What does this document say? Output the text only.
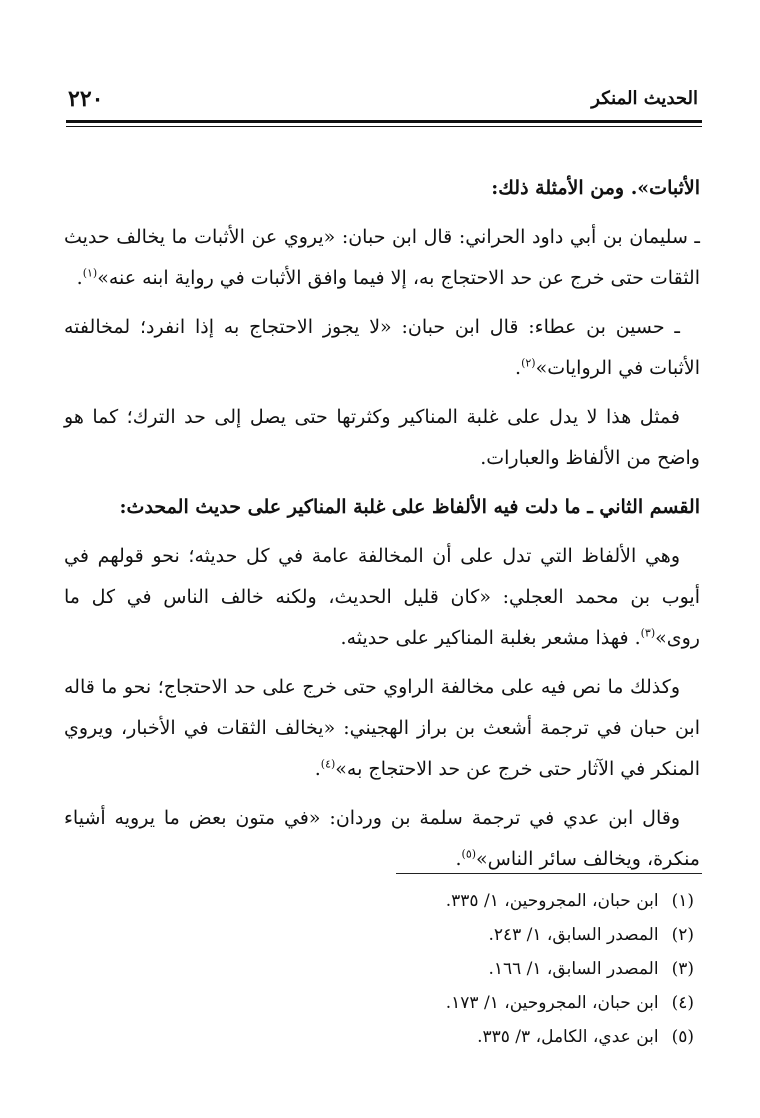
الحديث المنكر
٢٢٠

الأثبات». ومن الأمثلة ذلك:

ـ سليمان بن أبي داود الحراني: قال ابن حبان: «يروي عن الأثبات ما يخالف حديث الثقات حتى خرج عن حد الاحتجاج به، إلا فيما وافق الأثبات في رواية ابنه عنه»$^{(١)}$.

ـ حسين بن عطاء: قال ابن حبان: «لا يجوز الاحتجاج به إذا انفرد؛ لمخالفته الأثبات في الروايات»$^{(٢)}$.

فمثل هذا لا يدل على غلبة المناكير وكثرتها حتى يصل إلى حد الترك؛ كما هو واضح من الألفاظ والعبارات.

القسم الثاني ـ ما دلت فيه الألفاظ على غلبة المناكير على حديث المحدث:

وهي الألفاظ التي تدل على أن المخالفة عامة في كل حديثه؛ نحو قولهم في أيوب بن محمد العجلي: «كان قليل الحديث، ولكنه خالف الناس في كل ما روى»$^{(٣)}$. فهذا مشعر بغلبة المناكير على حديثه.

وكذلك ما نص فيه على مخالفة الراوي حتى خرج على حد الاحتجاج؛ نحو ما قاله ابن حبان في ترجمة أشعث بن براز الهجيني: «يخالف الثقات في الأخبار، ويروي المنكر في الآثار حتى خرج عن حد الاحتجاج به»$^{(٤)}$.

وقال ابن عدي في ترجمة سلمة بن وردان: «في متون بعض ما يرويه أشياء منكرة، ويخالف سائر الناس»$^{(٥)}$.

(١) ابن حبان، المجروحين، ١/ ٣٣٥.
(٢) المصدر السابق، ١/ ٢٤٣.
(٣) المصدر السابق، ١/ ١٦٦.
(٤) ابن حبان، المجروحين، ١/ ١٧٣.
(٥) ابن عدي، الكامل، ٣/ ٣٣٥.
